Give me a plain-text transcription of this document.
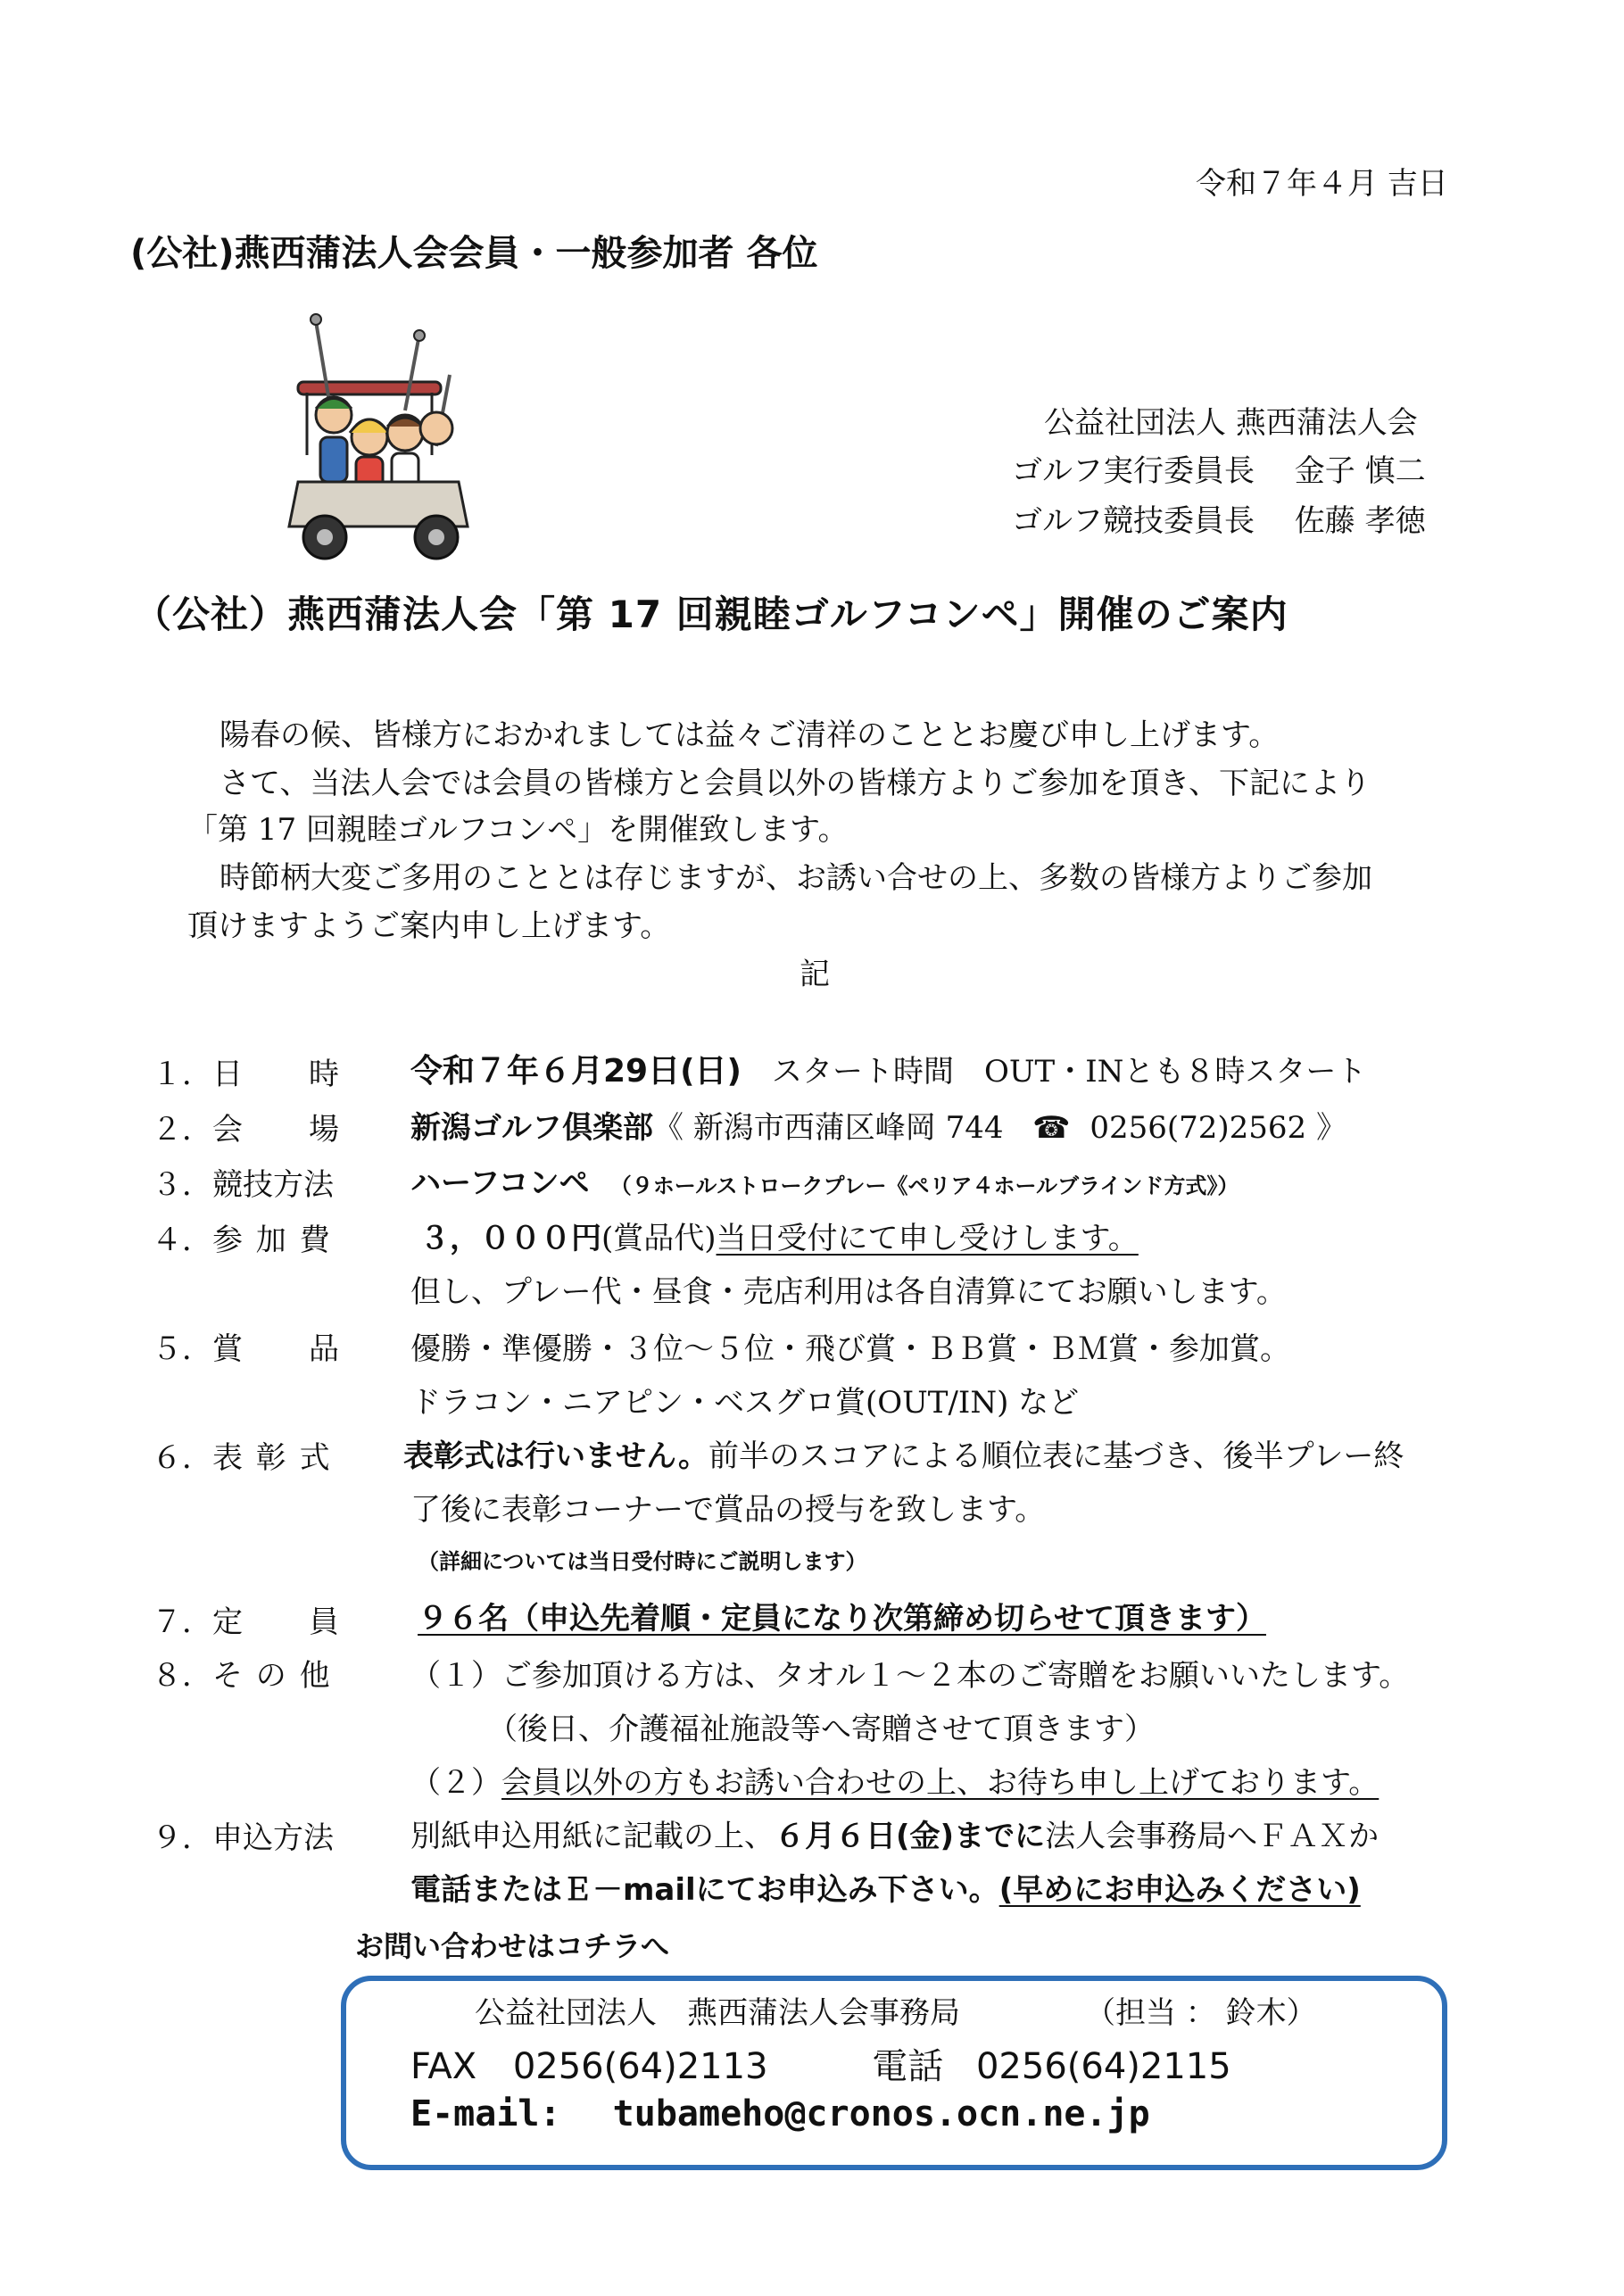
令和７年４月 吉日
(公社)燕西蒲法人会会員・一般参加者 各位
公益社団法人 燕西蒲法人会
ゴルフ実行委員長　 金子 慎二
ゴルフ競技委員長　 佐藤 孝徳
（公社）燕西蒲法人会「第 17 回親睦ゴルフコンペ」開催のご案内
陽春の候、皆様方におかれましては益々ご清祥のこととお慶び申し上げます。
さて、当法人会では会員の皆様方と会員以外の皆様方よりご参加を頂き、下記により
「第 17 回親睦ゴルフコンペ」を開催致します。
時節柄大変ご多用のこととは存じますが、お誘い合せの上、多数の皆様方よりご参加
頂けますようご案内申し上げます。
記
１． 日　　時 令和７年６月29日(日)　スタート時間　OUT・INとも８時スタート
２． 会　　場 新潟ゴルフ倶楽部《 新潟市西蒲区峰岡 744 ☎ 0256(72)2562 》
３． 競技方法	ハーフコンペ （９ホールストロークプレー《ペリア４ホールブラインド方式》）
４． 参 加 費	３，０００円(賞品代)当日受付にて申し受けします。
但し、プレー代・昼食・売店利用は各自清算にてお願いします。
５． 賞　　品 優勝・準優勝・３位～５位・飛び賞・ＢＢ賞・ＢＭ賞・参加賞。
ドラコン・ニアピン・ベスグロ賞(OUT/IN) など
６． 表 彰 式 表彰式は行いません。前半のスコアによる順位表に基づき、後半プレー終
了後に表彰コーナーで賞品の授与を致します。
（詳細については当日受付時にご説明します）
７． 定　　員	９６名（申込先着順・定員になり次第締め切らせて頂きます）
８． そ の 他	（１）ご参加頂ける方は、タオル１～２本のご寄贈をお願いいたします。
（後日、介護福祉施設等へ寄贈させて頂きます）
（２）会員以外の方もお誘い合わせの上、お待ち申し上げております。
９． 申込方法	別紙申込用紙に記載の上、６月６日(金)までに法人会事務局へＦＡＸか
電話またはＥ－mailにてお申込み下さい。(早めにお申込みください)
お問い合わせはコチラへ
公益社団法人　燕西蒲法人会事務局	（担当 ： 鈴木）
FAX 0256(64)2113	電話 0256(64)2115
E-mail: tubameho@cronos.ocn.ne.jp
